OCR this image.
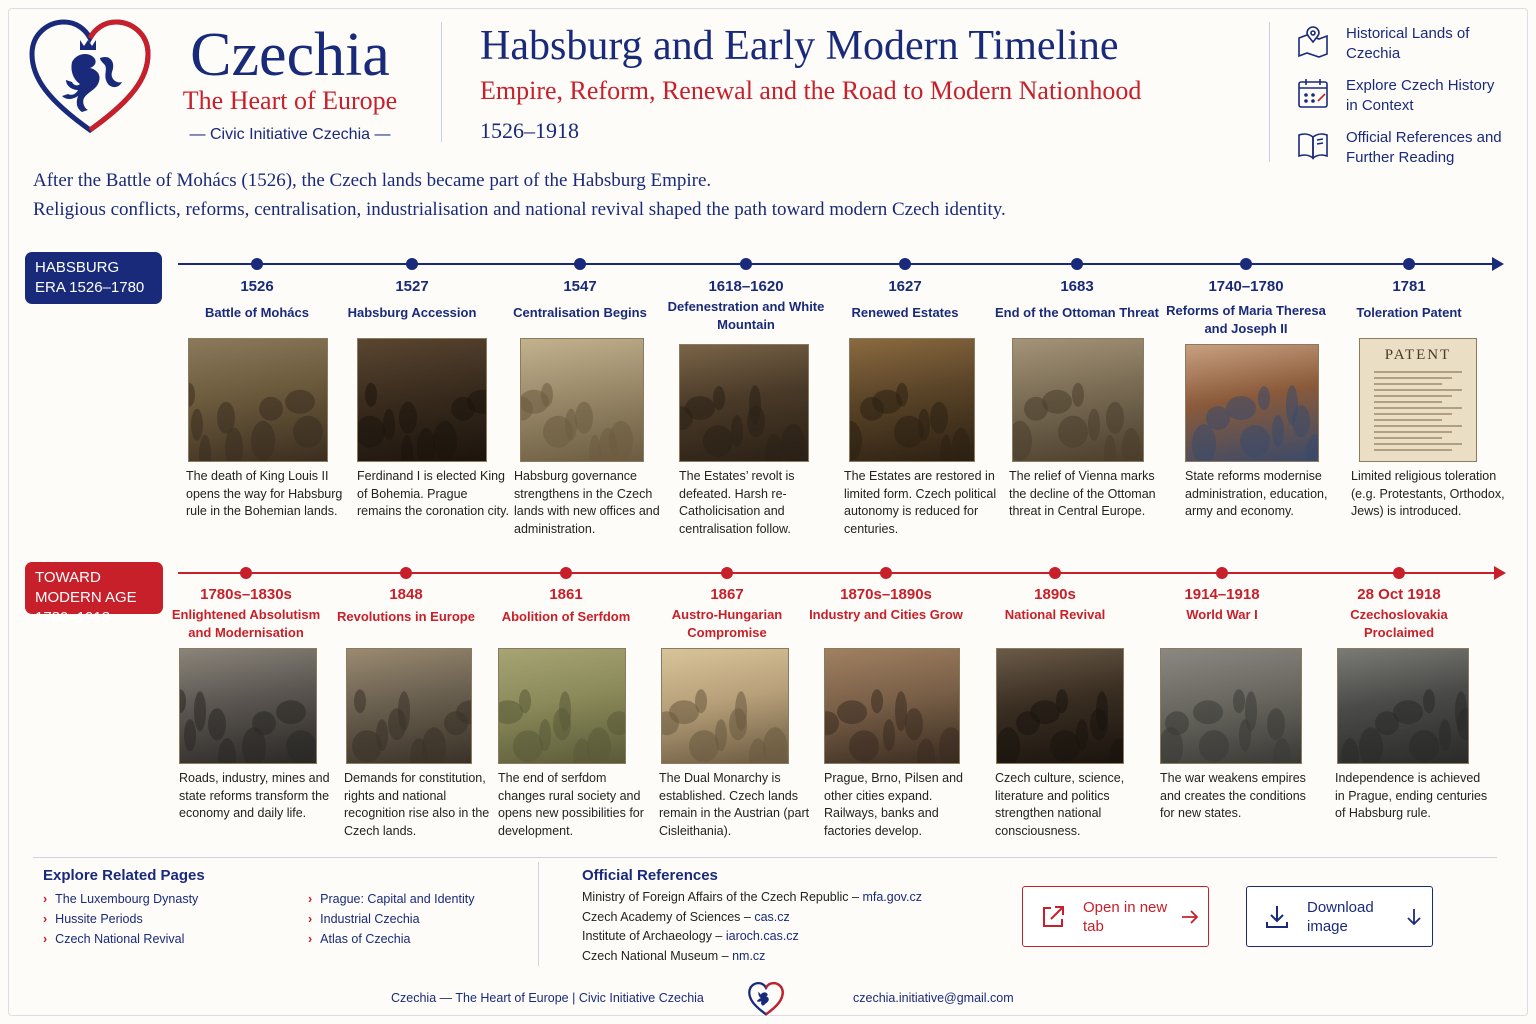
Czechia
The Heart of Europe
— Civic Initiative Czechia —
Habsburg and Early Modern Timeline
Empire, Reform, Renewal and the Road to Modern Nationhood
1526–1918
Historical Lands of Czechia
Explore Czech History in Context
Official References and Further Reading
After the Battle of Mohács (1526), the Czech lands became part of the Habsburg Empire.
Religious conflicts, reforms, centralisation, industrialisation and national revival shaped the path toward modern Czech identity.
HABSBURG ERA 1526–1780	1526
Battle of Mohács
The death of King Louis II opens the way for Habsburg rule in the Bohemian lands.
1527
Habsburg Accession
Ferdinand I is elected King of Bohemia. Prague remains the coronation city.
1547
Centralisation Begins
Habsburg governance strengthens in the Czech lands with new offices and administration.
1618–1620
Defenestration and White Mountain
The Estates’ revolt is defeated. Harsh re-Catholicisation and centralisation follow.
1627
Renewed Estates
The Estates are restored in limited form. Czech political autonomy is reduced for centuries.
1683
End of the Ottoman Threat
The relief of Vienna marks the decline of the Ottoman threat in Central Europe.
1740–1780
Reforms of Maria Theresa and Joseph II
State reforms modernise administration, education, army and economy.
1781
Toleration Patent
PATENT
Limited religious toleration (e.g. Protestants, Orthodox, Jews) is introduced.
TOWARD MODERN AGE 1780–1918
1780s–1830s
Enlightened Absolutism and Modernisation
Roads, industry, mines and state reforms transform the economy and daily life.
1848
Revolutions in Europe
Demands for constitution, rights and national recognition rise also in the Czech lands.
1861
Abolition of Serfdom
The end of serfdom changes rural society and opens new possibilities for development.
1867
Austro-Hungarian Compromise
The Dual Monarchy is established. Czech lands remain in the Austrian (part Cisleithania).
1870s–1890s
Industry and Cities Grow
Prague, Brno, Pilsen and other cities expand. Railways, banks and factories develop.
1890s
National Revival
Czech culture, science, literature and politics strengthen national consciousness.
1914–1918
World War I
The war weakens empires and creates the conditions for new states.
28 Oct 1918
Czechoslovakia Proclaimed
Independence is achieved in Prague, ending centuries of Habsburg rule.
Explore Related Pages
› The Luxembourg Dynasty
› Hussite Periods
› Czech National Revival
› Prague: Capital and Identity
› Industrial Czechia
› Atlas of Czechia
Official References
Ministry of Foreign Affairs of the Czech Republic – mfa.gov.cz
Czech Academy of Sciences – cas.cz
Institute of Archaeology – iaroch.cas.cz
Czech National Museum – nm.cz
Open in new tab
Download image
Czechia — The Heart of Europe | Civic Initiative Czechia	czechia.initiative@gmail.com
